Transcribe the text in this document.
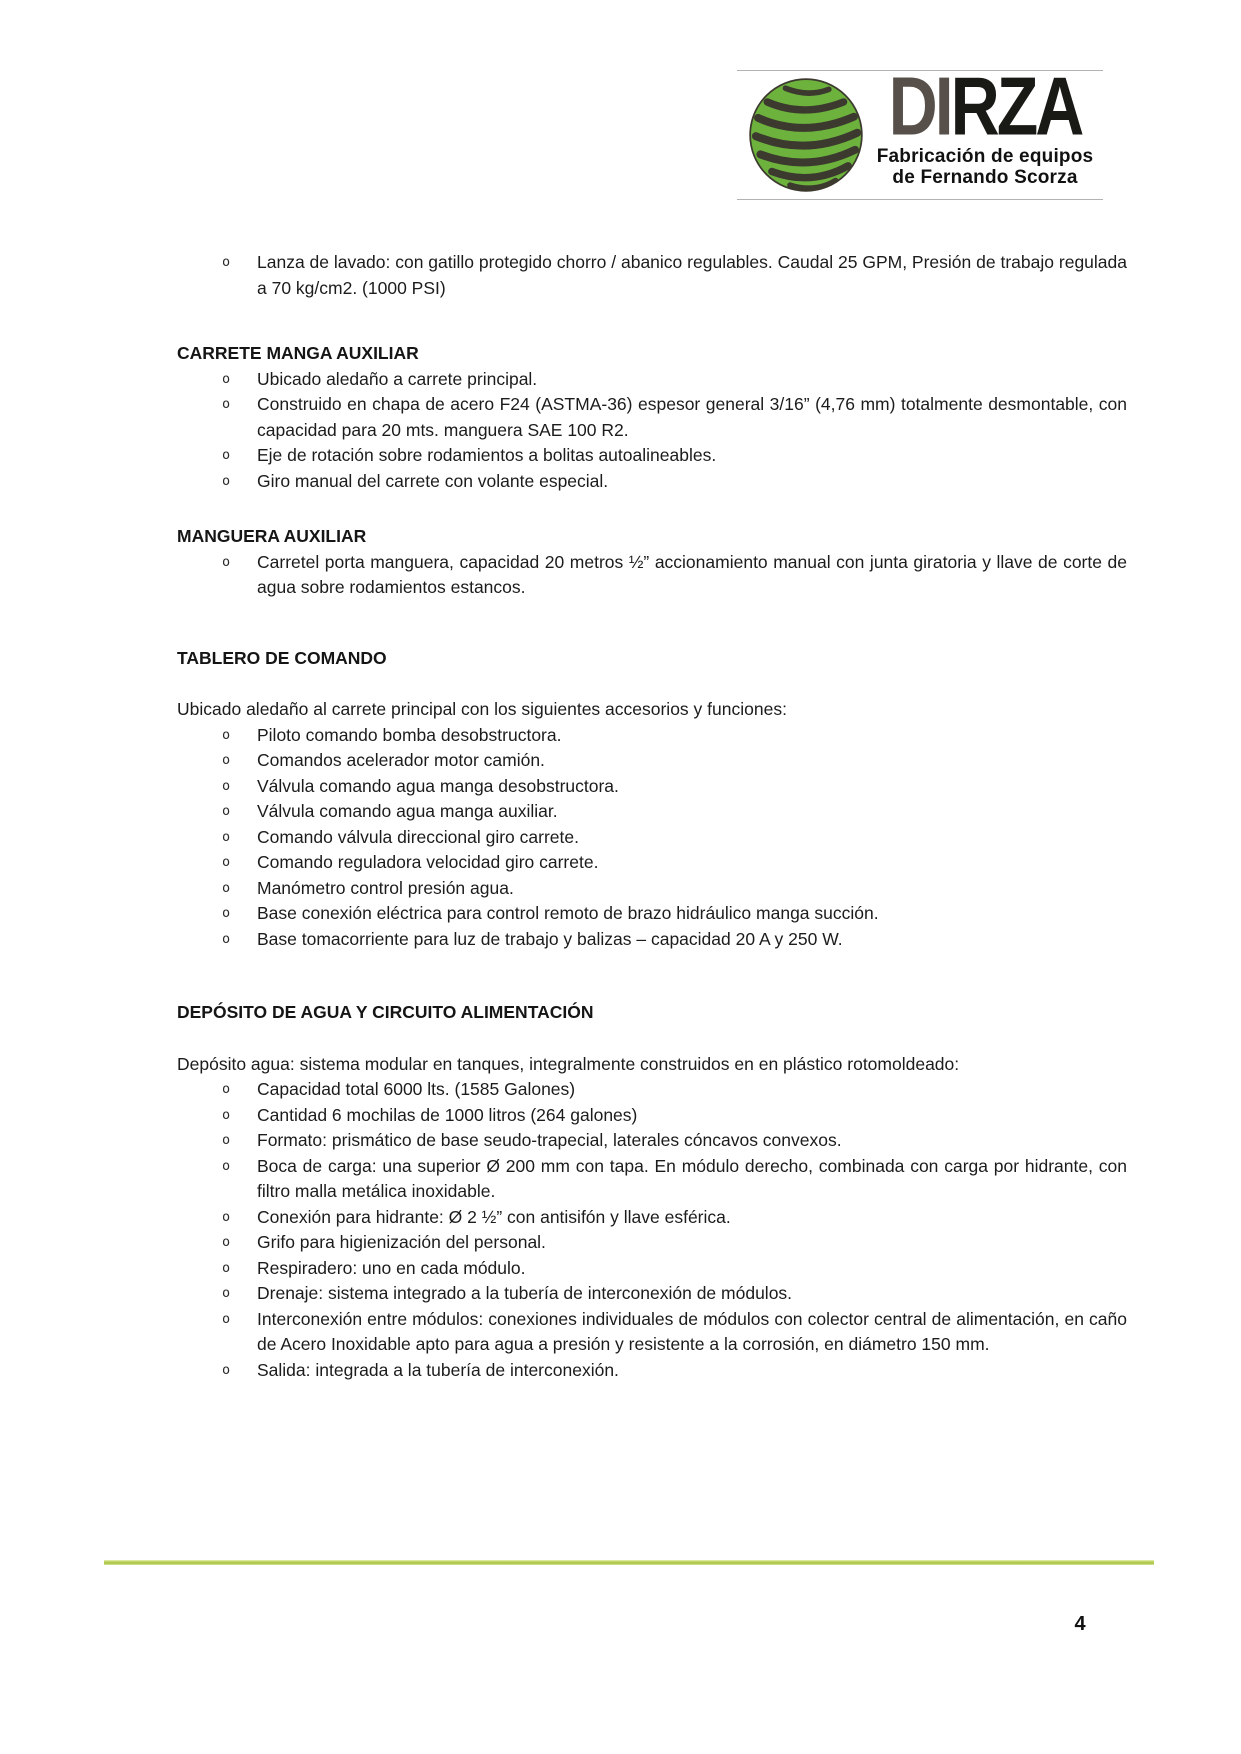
DIRZA
Fabricación de equipos
de Fernando Scorza
o Lanza de lavado: con gatillo protegido chorro / abanico regulables. Caudal 25 GPM, Presión de trabajo regulada a 70 kg/cm2. (1000 PSI)
CARRETE MANGA AUXILIAR
o Ubicado aledaño a carrete principal.
o Construido en chapa de acero F24 (ASTMA-36) espesor general 3/16” (4,76 mm) totalmente desmontable, con capacidad para 20 mts. manguera SAE 100 R2.
o Eje de rotación sobre rodamientos a bolitas autoalineables.
o Giro manual del carrete con volante especial.
MANGUERA AUXILIAR
o Carretel porta manguera, capacidad 20 metros ½” accionamiento manual con junta giratoria y llave de corte de agua sobre rodamientos estancos.
TABLERO DE COMANDO

Ubicado aledaño al carrete principal con los siguientes accesorios y funciones:

o Piloto comando bomba desobstructora.
o Comandos acelerador motor camión.
o Válvula comando agua manga desobstructora.
o Válvula comando agua manga auxiliar.
o Comando válvula direccional giro carrete.
o Comando reguladora velocidad giro carrete.
o Manómetro control presión agua.
o Base conexión eléctrica para control remoto de brazo hidráulico manga succión.
o Base tomacorriente para luz de trabajo y balizas – capacidad 20 A y 250 W.
DEPÓSITO DE AGUA Y CIRCUITO ALIMENTACIÓN

Depósito agua: sistema modular en tanques, integralmente construidos en en plástico rotomoldeado:

o Capacidad total 6000 lts. (1585 Galones)
o Cantidad 6 mochilas de 1000 litros (264 galones)
o Formato: prismático de base seudo-trapecial, laterales cóncavos convexos.
o Boca de carga: una superior Ø 200 mm con tapa. En módulo derecho, combinada con carga por hidrante, con filtro malla metálica inoxidable.
o Conexión para hidrante: Ø 2 ½” con antisifón y llave esférica.
o Grifo para higienización del personal.
o Respiradero: uno en cada módulo.
o Drenaje: sistema integrado a la tubería de interconexión de módulos.
o Interconexión entre módulos: conexiones individuales de módulos con colector central de alimentación, en caño de Acero Inoxidable apto para agua a presión y resistente a la corrosión, en diámetro 150 mm.
o Salida: integrada a la tubería de interconexión.
4
